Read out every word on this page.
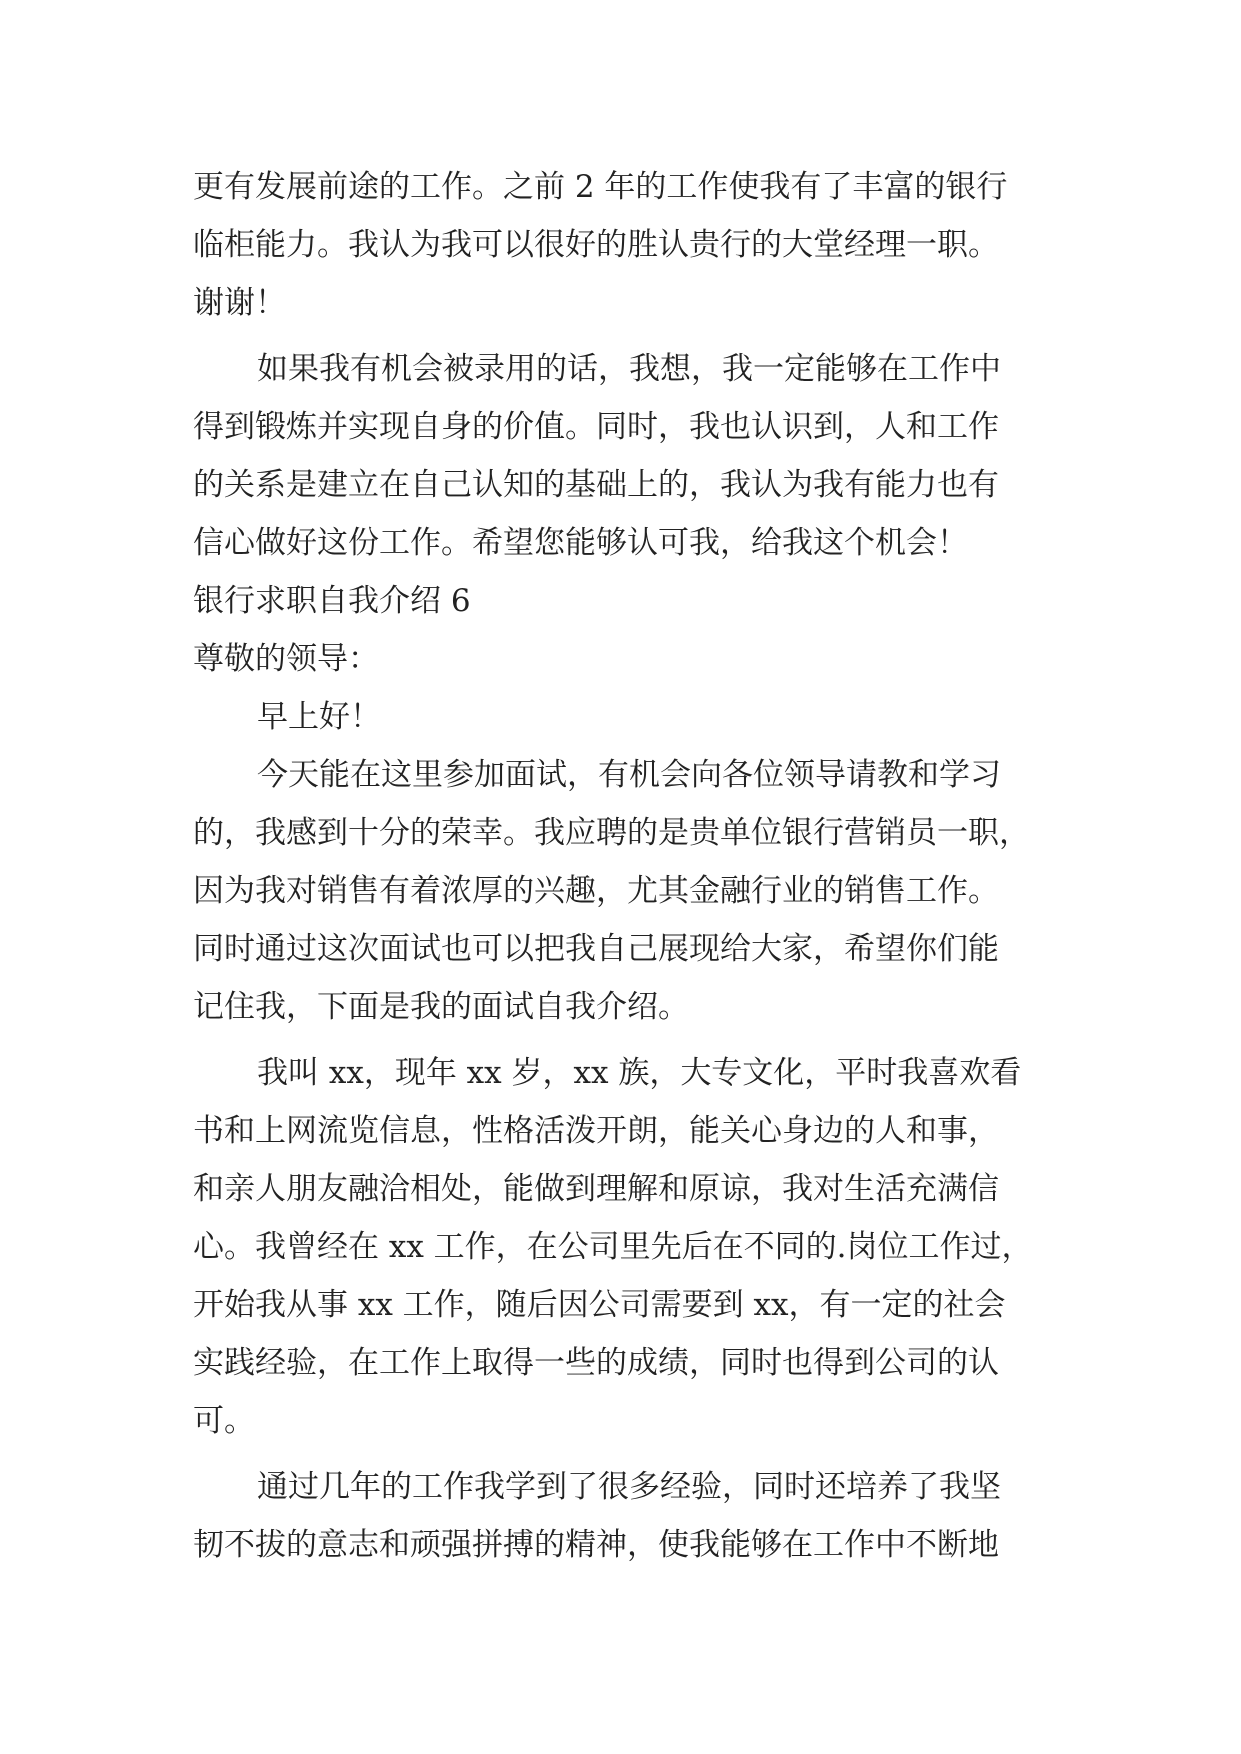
更有发展前途的工作。之前 2 年的工作使我有了丰富的银行
临柜能力。我认为我可以很好的胜认贵行的大堂经理一职。
谢谢！
如果我有机会被录用的话，我想，我一定能够在工作中
得到锻炼并实现自身的价值。同时，我也认识到，人和工作
的关系是建立在自己认知的基础上的，我认为我有能力也有
信心做好这份工作。希望您能够认可我，给我这个机会！
银行求职自我介绍 6
尊敬的领导：
早上好！
今天能在这里参加面试，有机会向各位领导请教和学习
的，我感到十分的荣幸。我应聘的是贵单位银行营销员一职，
因为我对销售有着浓厚的兴趣，尤其金融行业的销售工作。
同时通过这次面试也可以把我自己展现给大家，希望你们能
记住我，下面是我的面试自我介绍。
我叫 xx，现年 xx 岁，xx 族，大专文化，平时我喜欢看
书和上网流览信息，性格活泼开朗，能关心身边的人和事，
和亲人朋友融洽相处，能做到理解和原谅，我对生活充满信
心。我曾经在 xx 工作，在公司里先后在不同的.岗位工作过，
开始我从事 xx 工作，随后因公司需要到 xx，有一定的社会
实践经验，在工作上取得一些的成绩，同时也得到公司的认
可。
通过几年的工作我学到了很多经验，同时还培养了我坚
韧不拔的意志和顽强拼搏的精神，使我能够在工作中不断地
